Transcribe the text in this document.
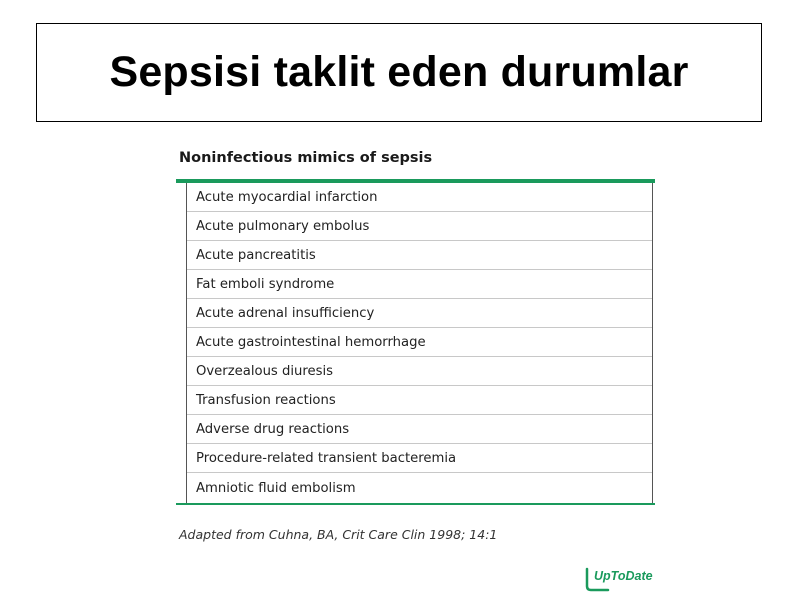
Sepsisi taklit eden durumlar
Noninfectious mimics of sepsis
Acute myocardial infarction
Acute pulmonary embolus
Acute pancreatitis
Fat emboli syndrome
Acute adrenal insufficiency
Acute gastrointestinal hemorrhage
Overzealous diuresis
Transfusion reactions
Adverse drug reactions
Procedure-related transient bacteremia
Amniotic fluid embolism
Adapted from Cuhna, BA, Crit Care Clin 1998; 14:1
UpToDate
